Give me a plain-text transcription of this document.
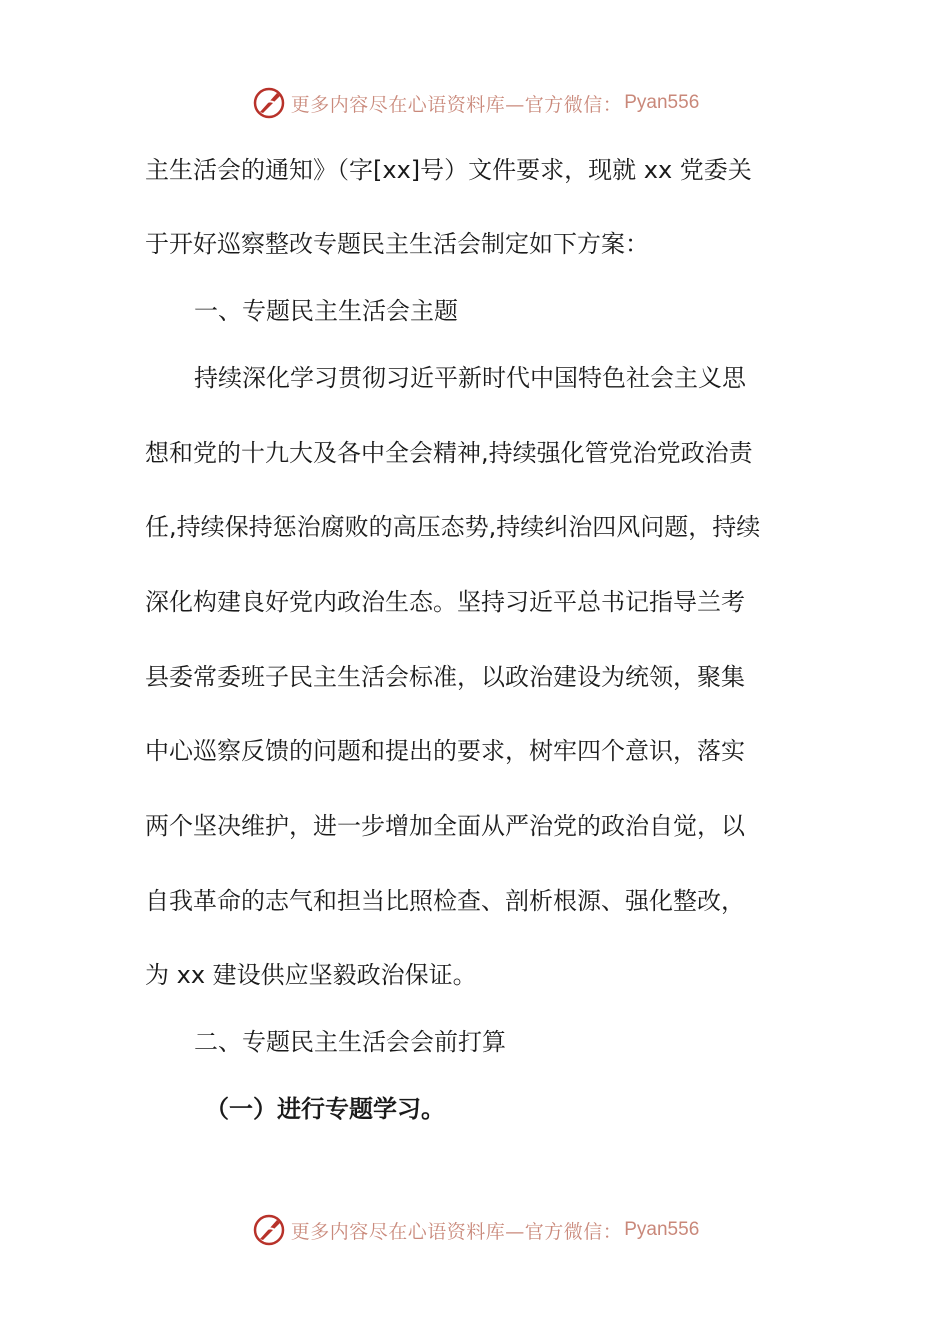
更多内容尽在心语资料库—官方微信： Pyan556
主生活会的通知》（字[xx]号）文件要求，现就 xx 党委关
于开好巡察整改专题民主生活会制定如下方案：
一、专题民主生活会主题
持续深化学习贯彻习近平新时代中国特色社会主义思
想和党的十九大及各中全会精神,持续强化管党治党政治责
任,持续保持惩治腐败的高压态势,持续纠治四风问题，持续
深化构建良好党内政治生态。坚持习近平总书记指导兰考
县委常委班子民主生活会标准，以政治建设为统领，聚集
中心巡察反馈的问题和提出的要求，树牢四个意识，落实
两个坚决维护，进一步增加全面从严治党的政治自觉，以
自我革命的志气和担当比照检查、剖析根源、强化整改，
为 xx 建设供应坚毅政治保证。
二、专题民主生活会会前打算
（一）进行专题学习。
更多内容尽在心语资料库—官方微信： Pyan556
